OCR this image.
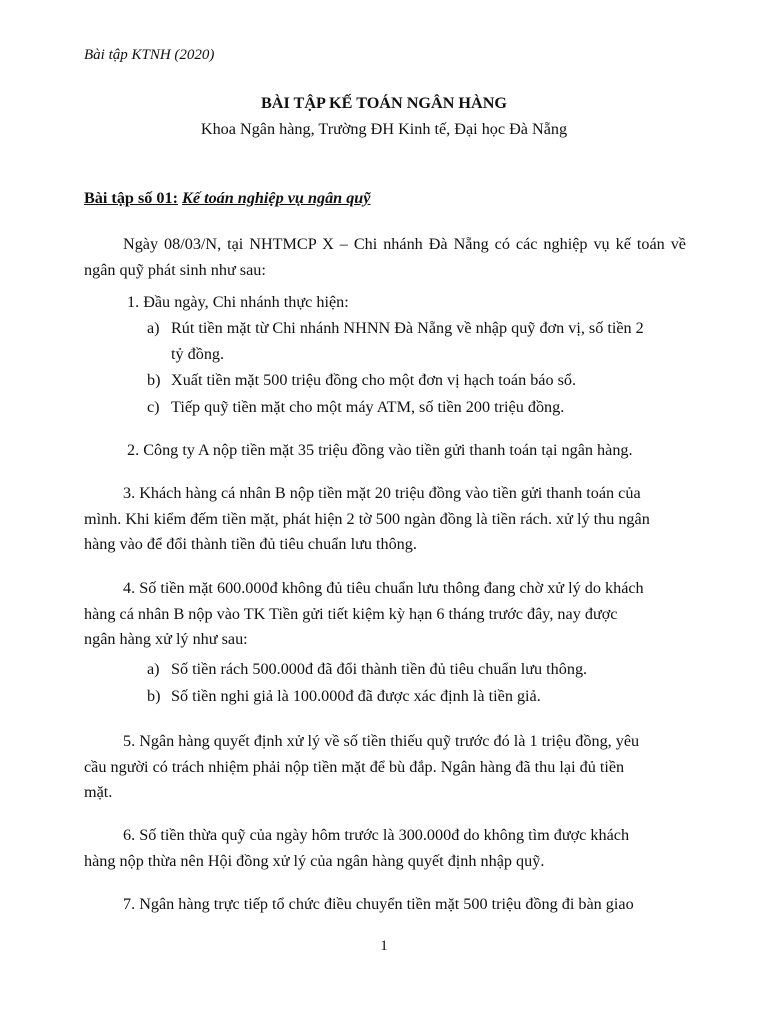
Bài tập KTNH (2020)
BÀI TẬP KẾ TOÁN NGÂN HÀNG
Khoa Ngân hàng, Trường ĐH Kinh tế, Đại học Đà Nẵng
Bài tập số 01: Kế toán nghiệp vụ ngân quỹ
Ngày 08/03/N, tại NHTMCP X – Chi nhánh Đà Nẵng có các nghiệp vụ kế toán về ngân quỹ phát sinh như sau:
1. Đầu ngày, Chi nhánh thực hiện:
a) Rút tiền mặt từ Chi nhánh NHNN Đà Nẵng về nhập quỹ đơn vị, số tiền 2
tỷ đồng.
b) Xuất tiền mặt 500 triệu đồng cho một đơn vị hạch toán báo sổ.
c) Tiếp quỹ tiền mặt cho một máy ATM, số tiền 200 triệu đồng.
2. Công ty A nộp tiền mặt 35 triệu đồng vào tiền gửi thanh toán tại ngân hàng.
3. Khách hàng cá nhân B nộp tiền mặt 20 triệu đồng vào tiền gửi thanh toán của
mình. Khi kiểm đếm tiền mặt, phát hiện 2 tờ 500 ngàn đồng là tiền rách. xử lý thu ngân
hàng vào để đổi thành tiền đủ tiêu chuẩn lưu thông.
4. Số tiền mặt 600.000đ không đủ tiêu chuẩn lưu thông đang chờ xử lý do khách
hàng cá nhân B nộp vào TK Tiền gửi tiết kiệm kỳ hạn 6 tháng trước đây, nay được
ngân hàng xử lý như sau:
a) Số tiền rách 500.000đ đã đổi thành tiền đủ tiêu chuẩn lưu thông.
b) Số tiền nghi giả là 100.000đ đã được xác định là tiền giả.
5. Ngân hàng quyết định xử lý về số tiền thiếu quỹ trước đó là 1 triệu đồng, yêu
cầu người có trách nhiệm phải nộp tiền mặt để bù đắp. Ngân hàng đã thu lại đủ tiền
mặt.
6. Số tiền thừa quỹ của ngày hôm trước là 300.000đ do không tìm được khách
hàng nộp thừa nên Hội đồng xử lý của ngân hàng quyết định nhập quỹ.
7. Ngân hàng trực tiếp tổ chức điều chuyển tiền mặt 500 triệu đồng đi bàn giao
1
